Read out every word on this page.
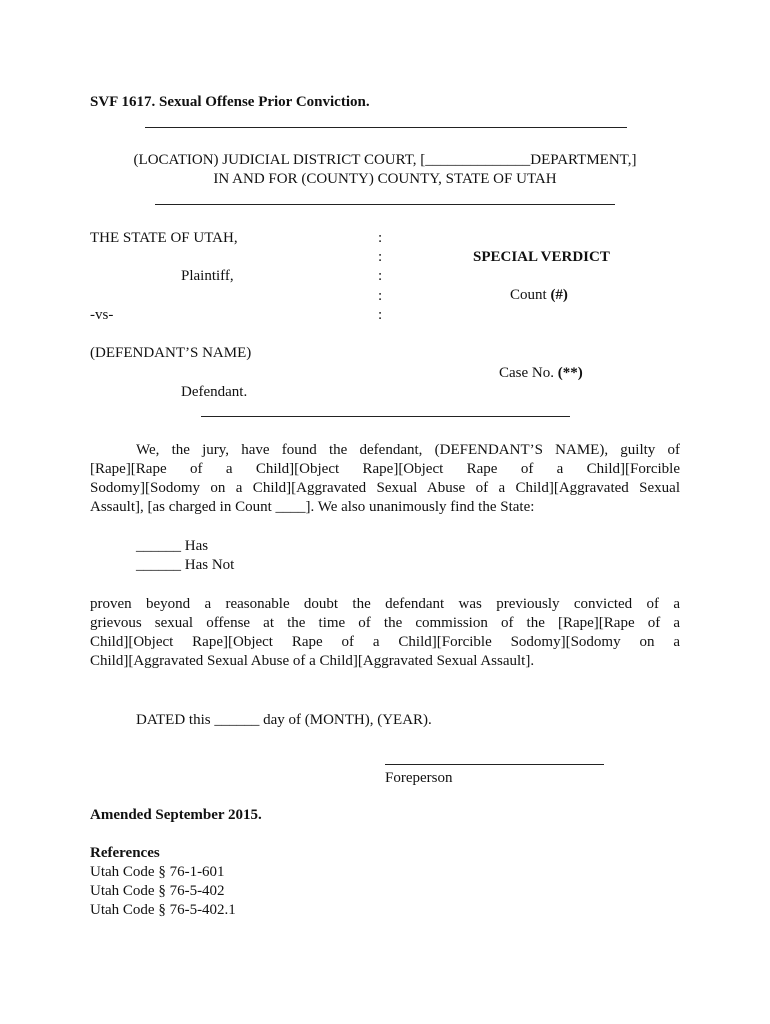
SVF 1617. Sexual Offense Prior Conviction.
(LOCATION) JUDICIAL DISTRICT COURT, [______________DEPARTMENT,]
IN AND FOR (COUNTY) COUNTY, STATE OF UTAH
THE STATE OF UTAH,
Plaintiff,
-vs-
(DEFENDANT’S NAME)
Defendant.
:
:
:
:
:
SPECIAL VERDICT
Count (#)
Case No. (**)
We, the jury, have found the defendant, (DEFENDANT’S NAME), guilty of
[Rape][Rape of a Child][Object Rape][Object Rape of a Child][Forcible
Sodomy][Sodomy on a Child][Aggravated Sexual Abuse of a Child][Aggravated Sexual
Assault], [as charged in Count ____]. We also unanimously find the State:
______ Has
______ Has Not
proven beyond a reasonable doubt the defendant was previously convicted of a
grievous sexual offense at the time of the commission of the [Rape][Rape of a
Child][Object Rape][Object Rape of a Child][Forcible Sodomy][Sodomy on a
Child][Aggravated Sexual Abuse of a Child][Aggravated Sexual Assault].
DATED this ______ day of (MONTH), (YEAR).
Foreperson
Amended September 2015.
References
Utah Code § 76-1-601
Utah Code § 76-5-402
Utah Code § 76-5-402.1
